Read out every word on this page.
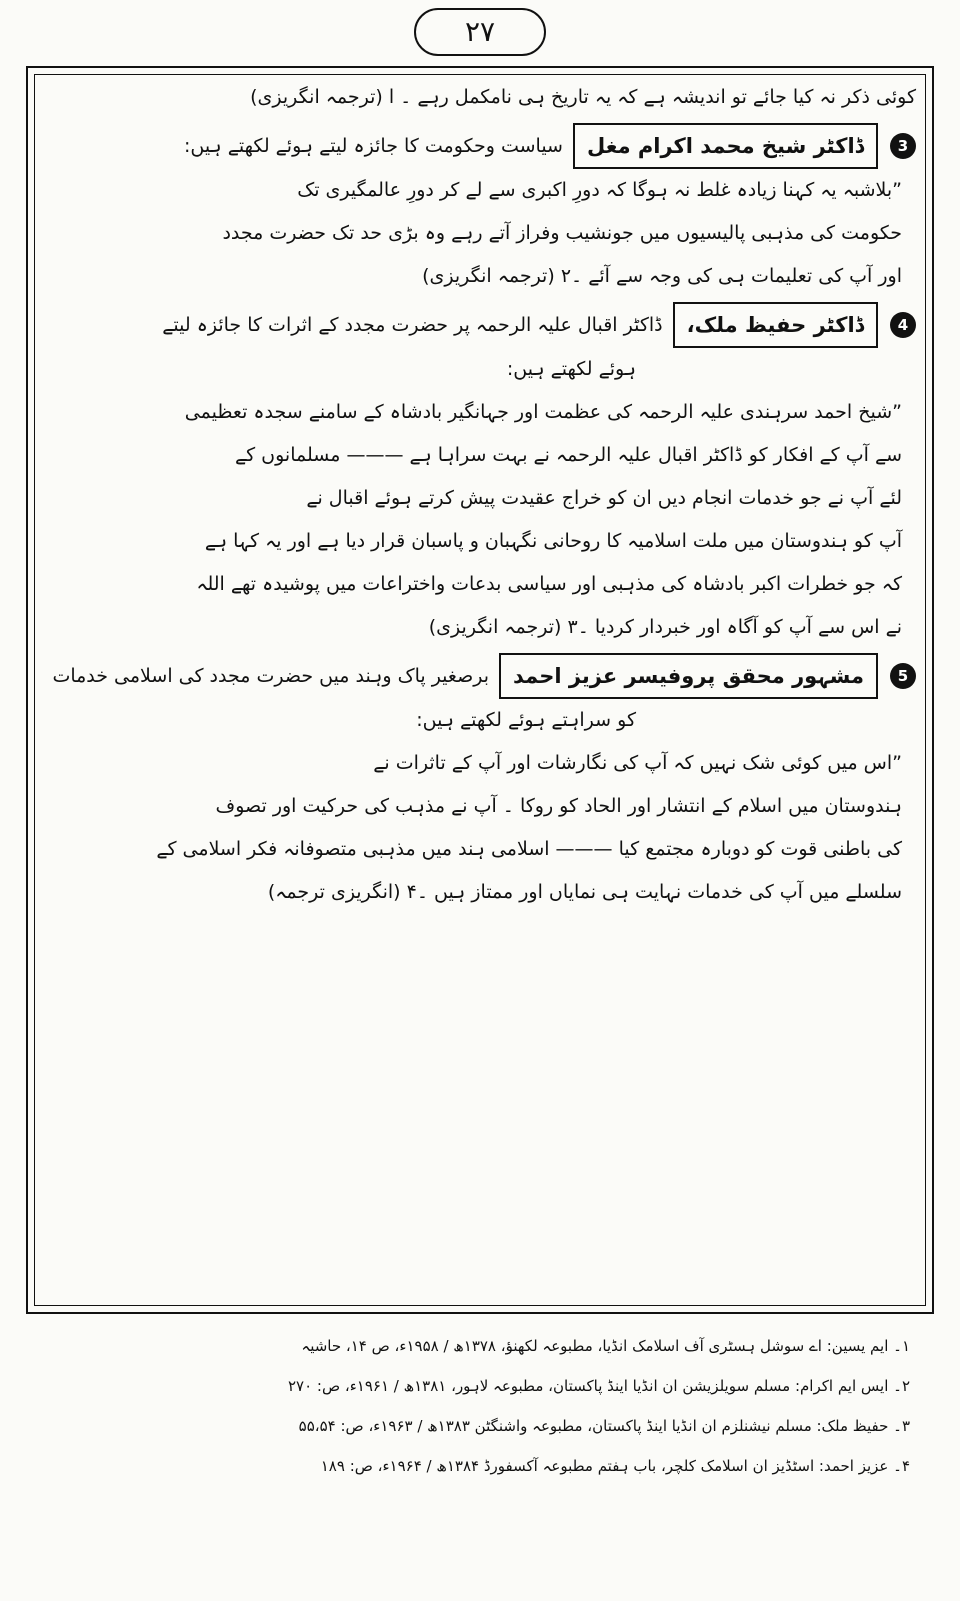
۲۷

کوئی ذکر نہ کیا جائے تو اندیشہ ہے کہ یہ تاریخ ہی نامکمل رہے ۔ ا (ترجمہ انگریزی)

3
ڈاکٹر شیخ محمد اکرام مغل
سیاست وحکومت کا جائزہ لیتے ہوئے لکھتے ہیں:

”بلاشبہ یہ کہنا زیادہ غلط نہ ہوگا کہ دورِ اکبری سے لے کر دورِ عالمگیری تک

حکومت کی مذہبی پالیسیوں میں جونشیب وفراز آتے رہے وہ بڑی حد تک حضرت مجدد

اور آپ کی تعلیمات ہی کی وجہ سے آئے ۔۲ (ترجمہ انگریزی)

4
ڈاکٹر حفیظ ملک،
ڈاکٹر اقبال علیہ الرحمہ پر حضرت مجدد کے اثرات کا جائزہ لیتے

ہوئے لکھتے ہیں:

”شیخ احمد سرہندی علیہ الرحمہ کی عظمت اور جہانگیر بادشاہ کے سامنے سجدہ تعظیمی

سے آپ کے افکار کو ڈاکٹر اقبال علیہ الرحمہ نے بہت سراہا ہے ——— مسلمانوں کے

لئے آپ نے جو خدمات انجام دیں ان کو خراج عقیدت پیش کرتے ہوئے اقبال نے

آپ کو ہندوستان میں ملت اسلامیہ کا روحانی نگہبان و پاسبان قرار دیا ہے اور یہ کہا ہے

کہ جو خطرات اکبر بادشاہ کی مذہبی اور سیاسی بدعات واختراعات میں پوشیدہ تھے اللہ

نے اس سے آپ کو آگاہ اور خبردار کردیا ۔۳ (ترجمہ انگریزی)

5
مشہور محقق پروفیسر عزیز احمد
برصغیر پاک وہند میں حضرت مجدد کی اسلامی خدمات

کو سراہتے ہوئے لکھتے ہیں:

”اس میں کوئی شک نہیں کہ آپ کی نگارشات اور آپ کے تاثرات نے

ہندوستان میں اسلام کے انتشار اور الحاد کو روکا ۔ آپ نے مذہب کی حرکیت اور تصوف

کی باطنی قوت کو دوبارہ مجتمع کیا ——— اسلامی ہند میں مذہبی متصوفانہ فکر اسلامی کے

سلسلے میں آپ کی خدمات نہایت ہی نمایاں اور ممتاز ہیں ۔۴ (انگریزی ترجمہ)

۱۔ ایم یسین: اے سوشل ہسٹری آف اسلامک انڈیا، مطبوعہ لکھنؤ، ۱۳۷۸ھ / ۱۹۵۸ء، ص ۱۴، حاشیہ

۲۔ ایس ایم اکرام: مسلم سویلزیشن ان انڈیا اینڈ پاکستان، مطبوعہ لاہور، ۱۳۸۱ھ / ۱۹۶۱ء، ص: ۲۷۰

۳۔ حفیظ ملک: مسلم نیشنلزم ان انڈیا اینڈ پاکستان، مطبوعہ واشنگٹن ۱۳۸۳ھ / ۱۹۶۳ء، ص: ۵۵،۵۴

۴۔ عزیز احمد: اسٹڈیز ان اسلامک کلچر، باب ہفتم مطبوعہ آکسفورڈ ۱۳۸۴ھ / ۱۹۶۴ء، ص: ۱۸۹
